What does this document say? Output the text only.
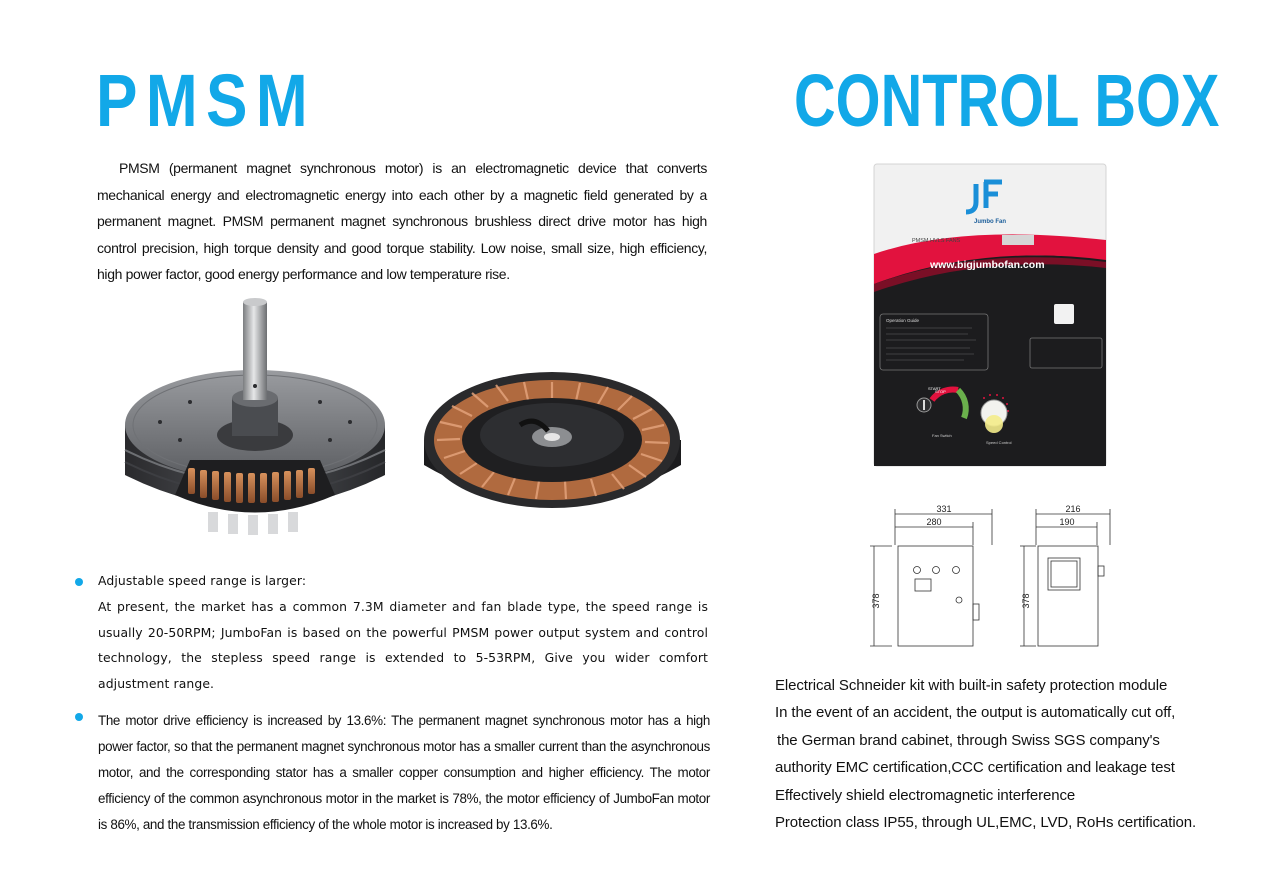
PMSM	CONTROL BOX

PMSM (permanent magnet synchronous motor) is an electromagnetic device that converts mechanical energy and electromagnetic energy into each other by a magnetic field generated by a permanent magnet. PMSM permanent magnet synchronous brushless direct drive motor has high control precision, high torque density and good torque stability. Low noise, small size, high efficiency, high power factor, good energy performance and low temperature rise.

Adjustable speed range is larger:
At present, the market has a common 7.3M diameter and fan blade type, the speed range is usually 20-50RPM; JumboFan is based on the powerful PMSM power output system and control technology, the stepless speed range is extended to 5-53RPM, Give you wider comfort adjustment range.

The motor drive efficiency is increased by 13.6%: The permanent magnet synchronous motor has a high power factor, so that the permanent magnet synchronous motor has a smaller current than the asynchronous motor, and the corresponding stator has a smaller copper consumption and higher efficiency. The motor efficiency of the common asynchronous motor in the market is 78%, the motor efficiency of JumboFan motor is 86%, and the transmission efficiency of the whole motor is increased by 13.6%.

Jumbo Fan
PMSM HVLS FANS
www.bigjumbofan.com
Operation Guide
START
STOP
Fan Switch
Speed Control
331
280
378
216
190
378
Electrical Schneider kit with built-in safety protection module
In the event of an accident, the output is automatically cut off,
the German brand cabinet, through Swiss SGS company's
authority EMC certification,CCC certification and leakage test
Effectively shield electromagnetic interference
Protection class IP55, through UL,EMC, LVD, RoHs certification.
